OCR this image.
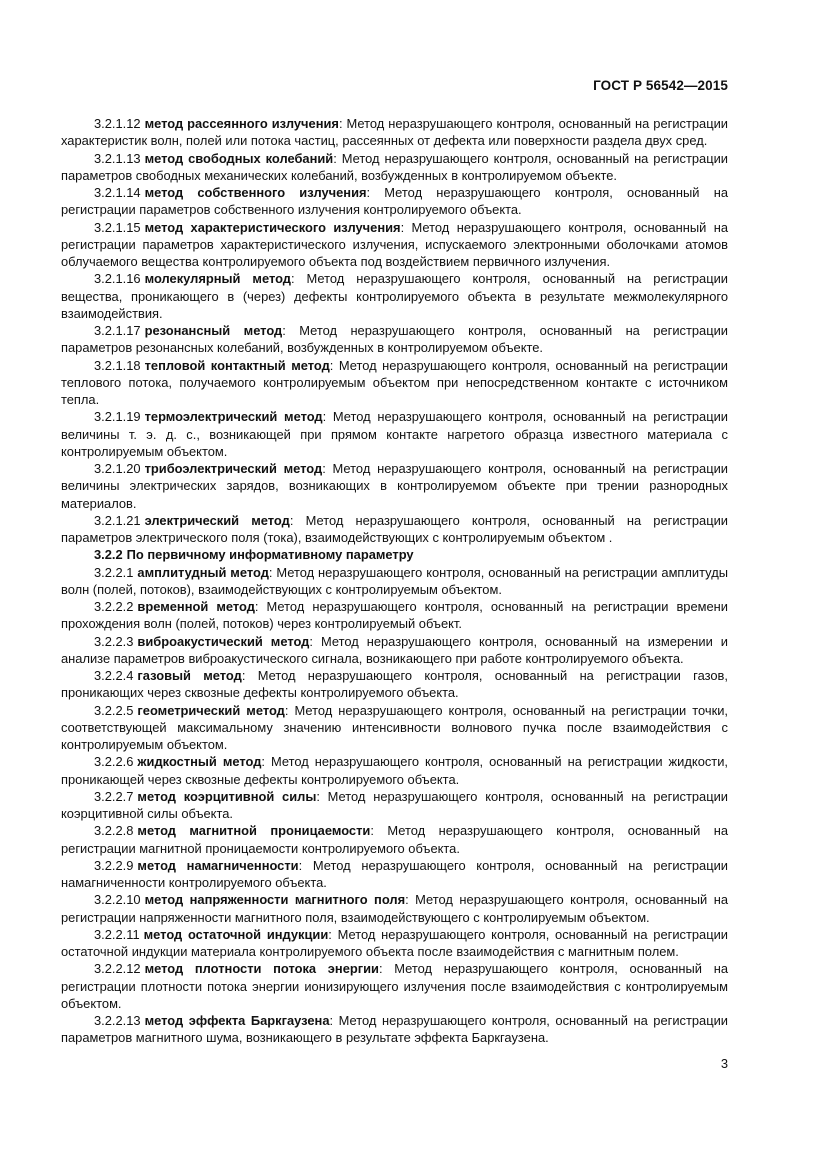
ГОСТ Р 56542—2015

3.2.1.12 метод рассеянного излучения: Метод неразрушающего контроля, основанный на регистрации характеристик волн, полей или потока частиц, рассеянных от дефекта или поверхности раздела двух сред.

3.2.1.13 метод свободных колебаний: Метод неразрушающего контроля, основанный на регистрации параметров свободных механических колебаний, возбужденных в контролируемом объекте.

3.2.1.14 метод собственного излучения: Метод неразрушающего контроля, основанный на регистрации параметров собственного излучения контролируемого объекта.

3.2.1.15 метод характеристического излучения: Метод неразрушающего контроля, основанный на регистрации параметров характеристического излучения, испускаемого электронными оболочками атомов облучаемого вещества контролируемого объекта под воздействием первичного излучения.

3.2.1.16 молекулярный метод: Метод неразрушающего контроля, основанный на регистрации вещества, проникающего в (через) дефекты контролируемого объекта в результате межмолекулярного взаимодействия.

3.2.1.17 резонансный метод: Метод неразрушающего контроля, основанный на регистрации параметров резонансных колебаний, возбужденных в контролируемом объекте.

3.2.1.18 тепловой контактный метод: Метод неразрушающего контроля, основанный на регистрации теплового потока, получаемого контролируемым объектом при непосредственном контакте с источником тепла.

3.2.1.19 термоэлектрический метод: Метод неразрушающего контроля, основанный на регистрации величины т. э. д. с., возникающей при прямом контакте нагретого образца известного материала с контролируемым объектом.

3.2.1.20 трибоэлектрический метод: Метод неразрушающего контроля, основанный на регистрации величины электрических зарядов, возникающих в контролируемом объекте при трении разнородных материалов.

3.2.1.21 электрический метод: Метод неразрушающего контроля, основанный на регистрации параметров электрического поля (тока), взаимодействующих с контролируемым объектом .

3.2.2 По первичному информативному параметру

3.2.2.1 амплитудный метод: Метод неразрушающего контроля, основанный на регистрации амплитуды волн (полей, потоков), взаимодействующих с контролируемым объектом.

3.2.2.2 временной метод: Метод неразрушающего контроля, основанный на регистрации времени прохождения волн (полей, потоков) через контролируемый объект.

3.2.2.3 виброакустический метод: Метод неразрушающего контроля, основанный на измерении и анализе параметров виброакустического сигнала, возникающего при работе контролируемого объекта.

3.2.2.4 газовый метод: Метод неразрушающего контроля, основанный на регистрации газов, проникающих через сквозные дефекты контролируемого объекта.

3.2.2.5 геометрический метод: Метод неразрушающего контроля, основанный на регистрации точки, соответствующей максимальному значению интенсивности волнового пучка после взаимодействия с контролируемым объектом.

3.2.2.6 жидкостный метод: Метод неразрушающего контроля, основанный на регистрации жидкости, проникающей через сквозные дефекты контролируемого объекта.

3.2.2.7 метод коэрцитивной силы: Метод неразрушающего контроля, основанный на регистрации коэрцитивной силы объекта.

3.2.2.8 метод магнитной проницаемости: Метод неразрушающего контроля, основанный на регистрации магнитной проницаемости контролируемого объекта.

3.2.2.9 метод намагниченности: Метод неразрушающего контроля, основанный на регистрации намагниченности контролируемого объекта.

3.2.2.10 метод напряженности магнитного поля: Метод неразрушающего контроля, основанный на регистрации напряженности магнитного поля, взаимодействующего с контролируемым объектом.

3.2.2.11 метод остаточной индукции: Метод неразрушающего контроля, основанный на регистрации остаточной индукции материала контролируемого объекта после взаимодействия с магнитным полем.

3.2.2.12 метод плотности потока энергии: Метод неразрушающего контроля, основанный на регистрации плотности потока энергии ионизирующего излучения после взаимодействия с контролируемым объектом.

3.2.2.13 метод эффекта Баркгаузена: Метод неразрушающего контроля, основанный на регистрации параметров магнитного шума, возникающего в результате эффекта Баркгаузена.

3
